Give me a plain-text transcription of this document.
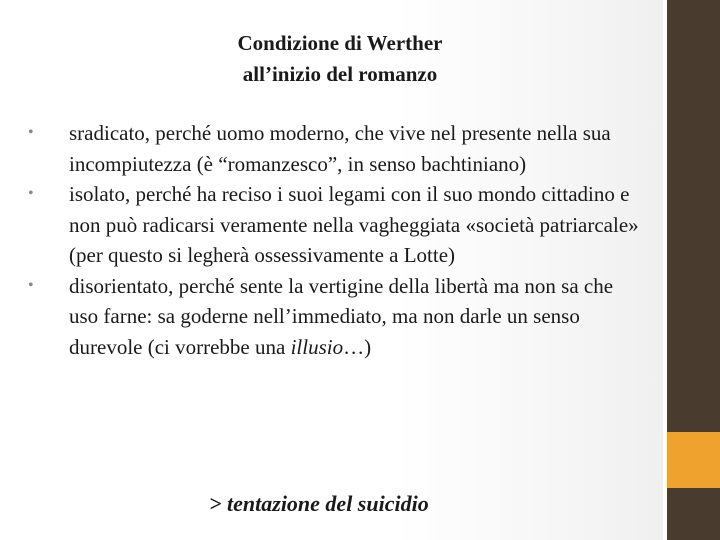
Condizione di Werther
all’inizio del romanzo
• sradicato, perché uomo moderno, che vive nel presente nella sua incompiutezza (è “romanzesco”, in senso bachtiniano)
• isolato, perché ha reciso i suoi legami con il suo mondo cittadino e non può radicarsi veramente nella vagheggiata «società patriarcale» (per questo si legherà ossessivamente a Lotte)
• disorientato, perché sente la vertigine della libertà ma non sa che uso farne: sa goderne nell’immediato, ma non darle un senso durevole (ci vorrebbe una illusio…)
> tentazione del suicidio
